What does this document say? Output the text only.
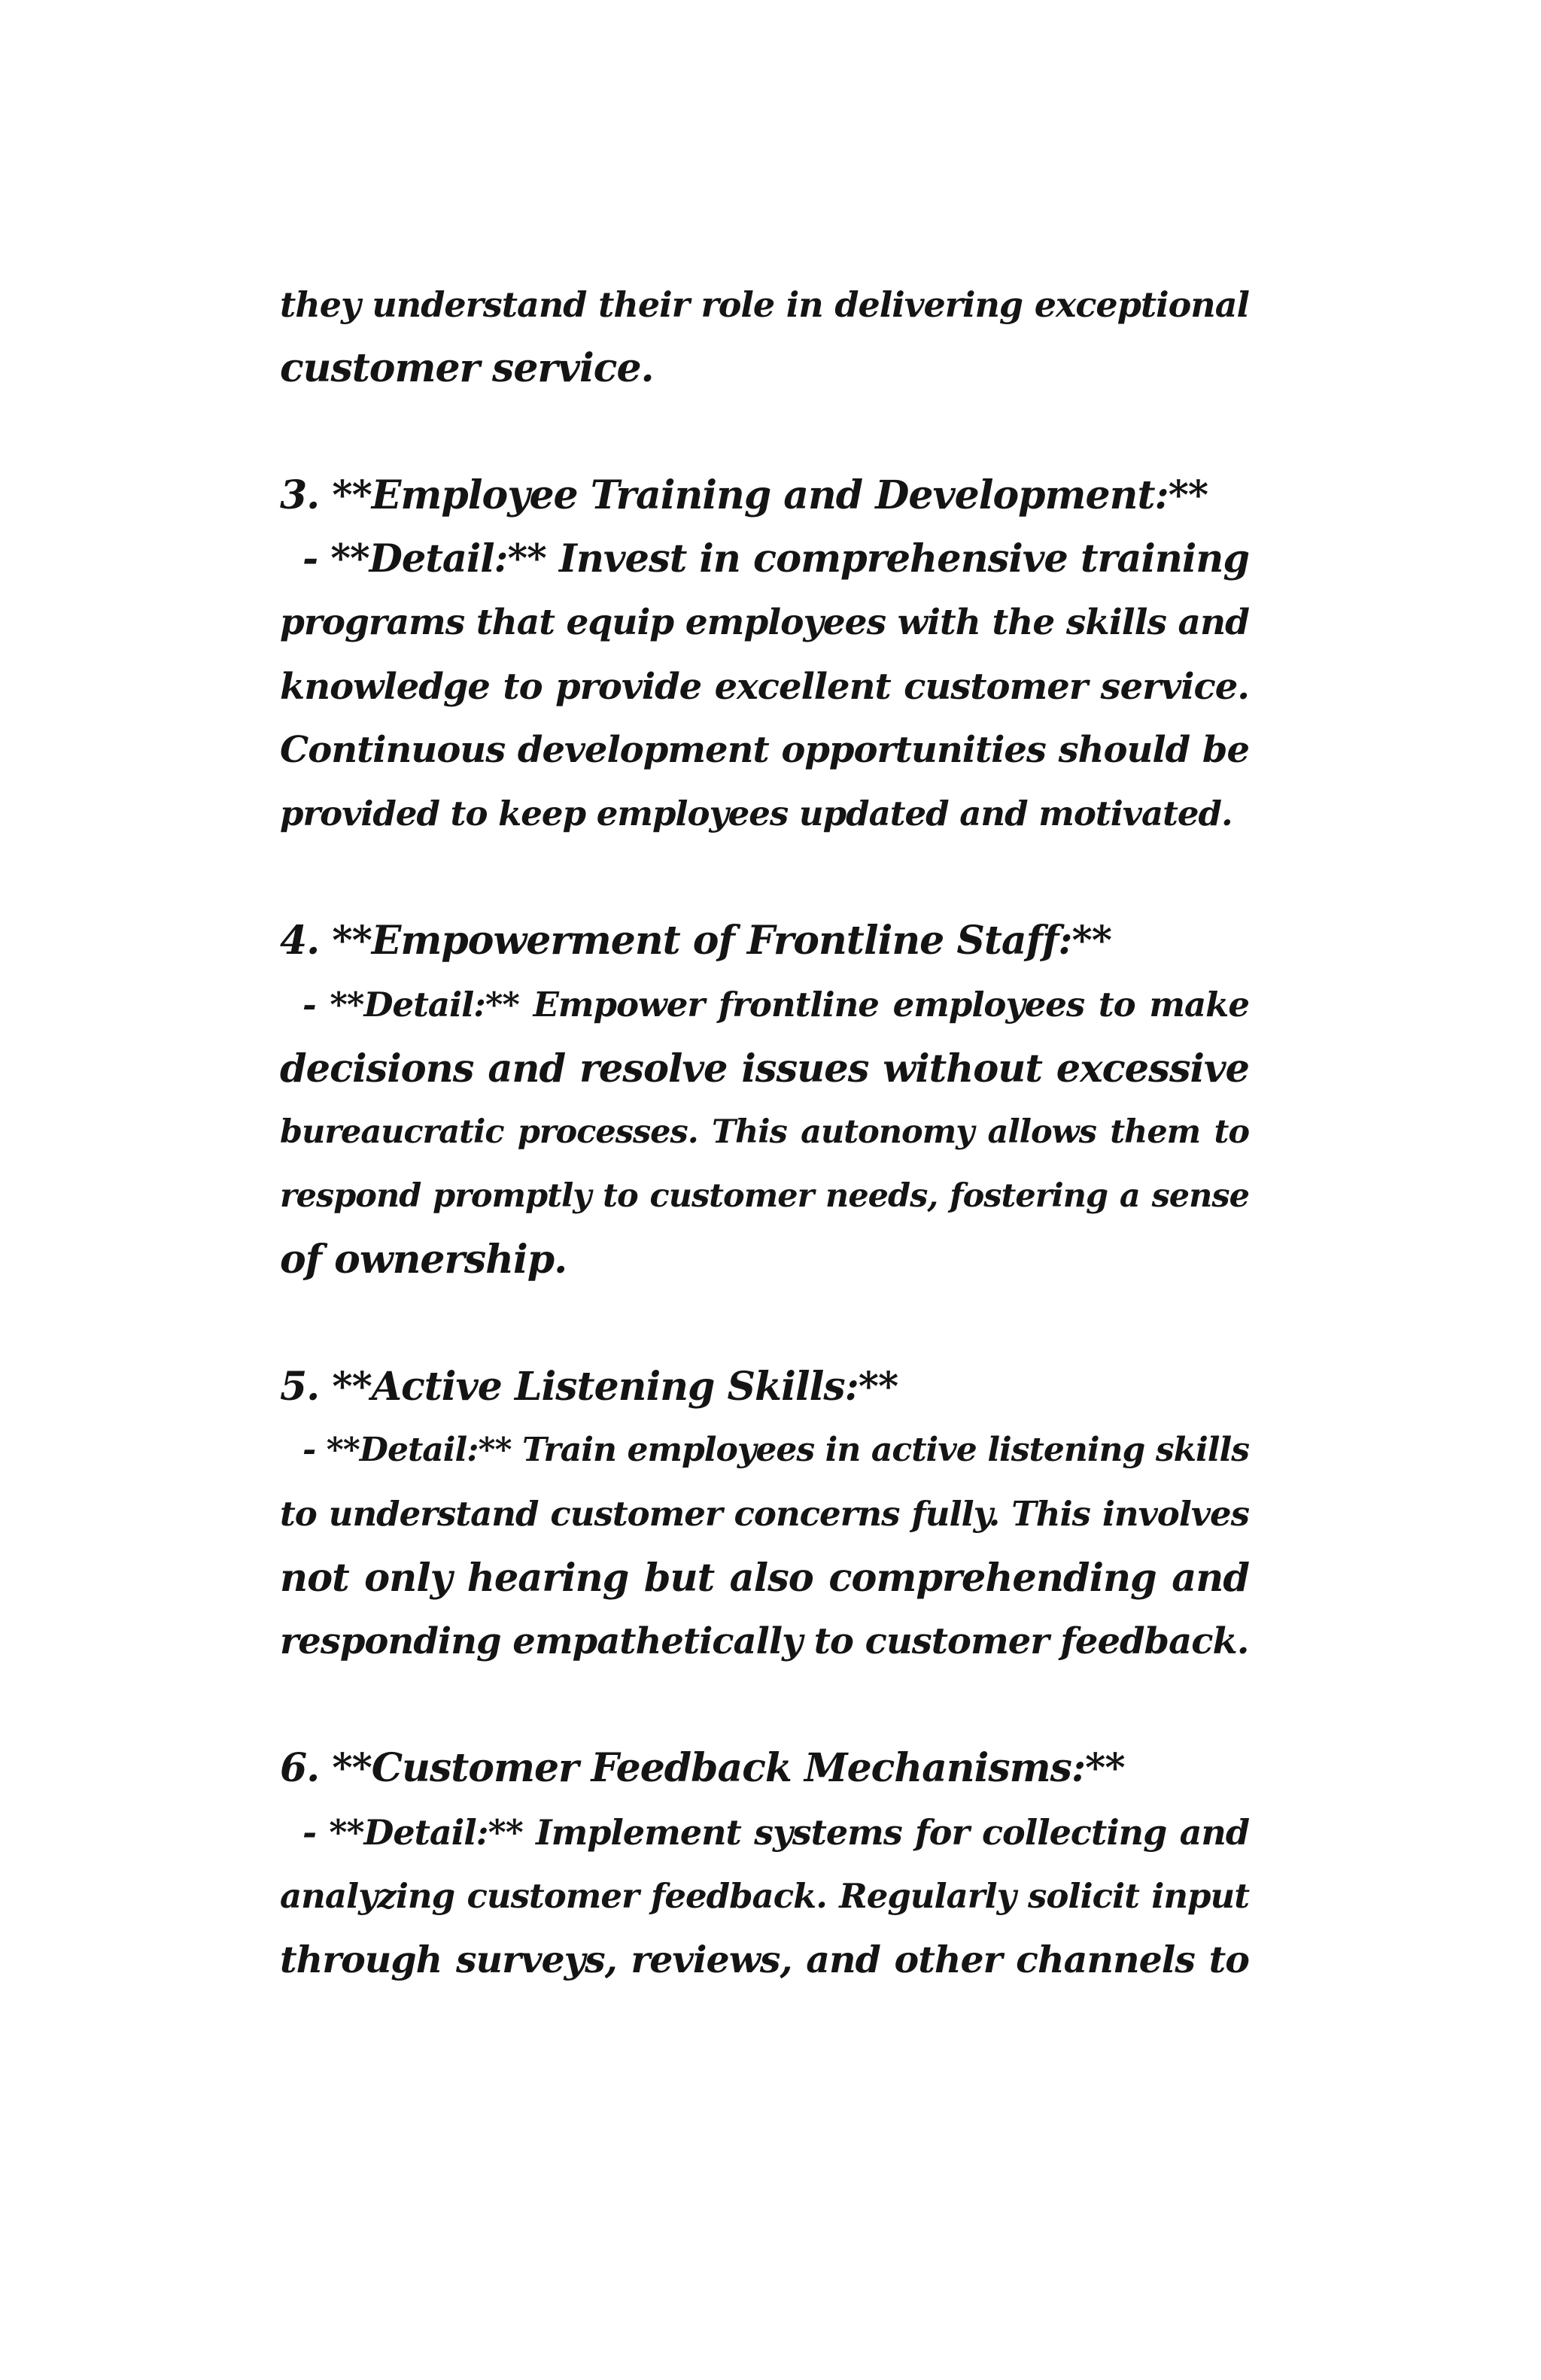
they understand their role in delivering exceptional
customer service.
3. **Employee Training and Development:**
- **Detail:** Invest in comprehensive training
programs that equip employees with the skills and
knowledge to provide excellent customer service.
Continuous development opportunities should be
provided to keep employees updated and motivated.
4. **Empowerment of Frontline Staff:**
- **Detail:** Empower frontline employees to make
decisions and resolve issues without excessive
bureaucratic processes. This autonomy allows them to
respond promptly to customer needs, fostering a sense
of ownership.
5. **Active Listening Skills:**
- **Detail:** Train employees in active listening skills
to understand customer concerns fully. This involves
not only hearing but also comprehending and
responding empathetically to customer feedback.
6. **Customer Feedback Mechanisms:**
- **Detail:** Implement systems for collecting and
analyzing customer feedback. Regularly solicit input
through surveys, reviews, and other channels to
